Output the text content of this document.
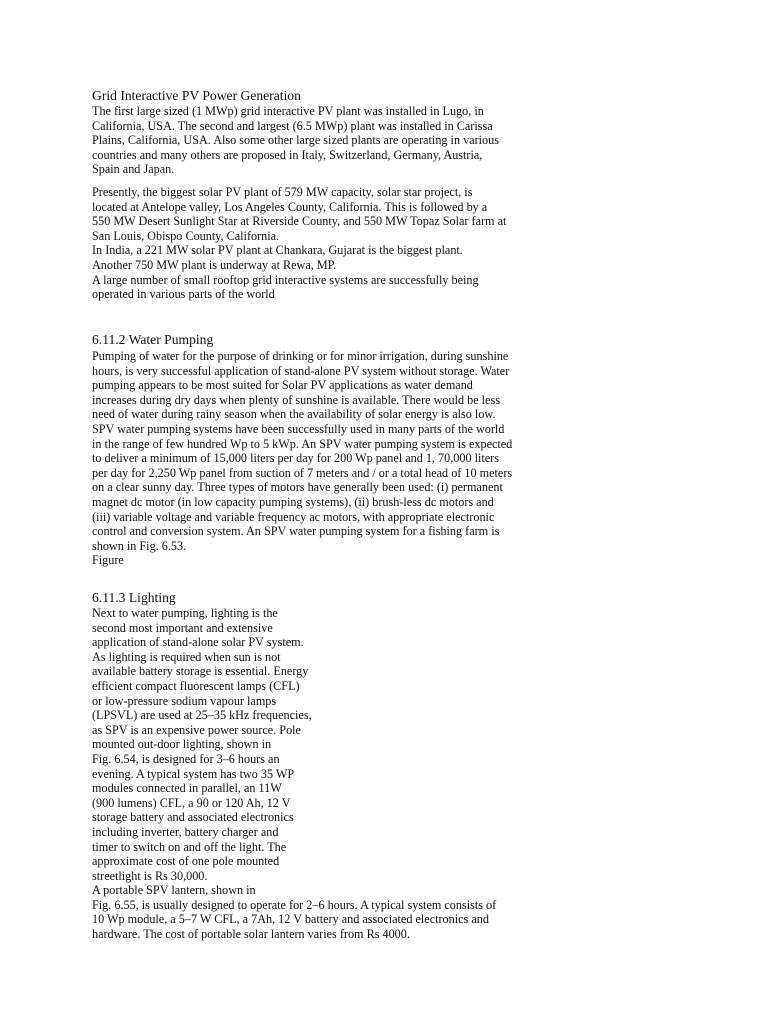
Grid Interactive PV Power Generation
The first large sized (1 MWp) grid interactive PV plant was installed in Lugo, in
California, USA. The second and largest (6.5 MWp) plant was installed in Carissa
Plains, California, USA. Also some other large sized plants are operating in various
countries and many others are proposed in Italy, Switzerland, Germany, Austria,
Spain and Japan.
Presently, the biggest solar PV plant of 579 MW capacity, solar star project, is
located at Antelope valley, Los Angeles County, California. This is followed by a
550 MW Desert Sunlight Star at Riverside County, and 550 MW Topaz Solar farm at
San Louis, Obispo County, California.
In India, a 221 MW solar PV plant at Chankara, Gujarat is the biggest plant.
Another 750 MW plant is underway at Rewa, MP.
A large number of small rooftop grid interactive systems are successfully being
operated in various parts of the world
6.11.2 Water Pumping
Pumping of water for the purpose of drinking or for minor irrigation, during sunshine
hours, is very successful application of stand-alone PV system without storage. Water
pumping appears to be most suited for Solar PV applications as water demand
increases during dry days when plenty of sunshine is available. There would be less
need of water during rainy season when the availability of solar energy is also low.
SPV water pumping systems have been successfully used in many parts of the world
in the range of few hundred Wp to 5 kWp. An SPV water pumping system is expected
to deliver a minimum of 15,000 liters per day for 200 Wp panel and 1, 70,000 liters
per day for 2,250 Wp panel from suction of 7 meters and / or a total head of 10 meters
on a clear sunny day. Three types of motors have generally been used: (i) permanent
magnet dc motor (in low capacity pumping systems), (ii) brush-less dc motors and
(iii) variable voltage and variable frequency ac motors, with appropriate electronic
control and conversion system. An SPV water pumping system for a fishing farm is
shown in Fig. 6.53.
Figure
6.11.3 Lighting
Next to water pumping, lighting is the
second most important and extensive
application of stand-alone solar PV system.
As lighting is required when sun is not
available battery storage is essential. Energy
efficient compact fluorescent lamps (CFL)
or low-pressure sodium vapour lamps
(LPSVL) are used at 25–35 kHz frequencies,
as SPV is an expensive power source. Pole
mounted out-door lighting, shown in
Fig. 6.54, is designed for 3–6 hours an
evening. A typical system has two 35 WP
modules connected in parallel, an 11W
(900 lumens) CFL, a 90 or 120 Ah, 12 V
storage battery and associated electronics
including inverter, battery charger and
timer to switch on and off the light. The
approximate cost of one pole mounted
streetlight is Rs 30,000.
A portable SPV lantern, shown in
Fig. 6.55, is usually designed to operate for 2–6 hours. A typical system consists of
10 Wp module, a 5–7 W CFL, a 7Ah, 12 V battery and associated electronics and
hardware. The cost of portable solar lantern varies from Rs 4000.
